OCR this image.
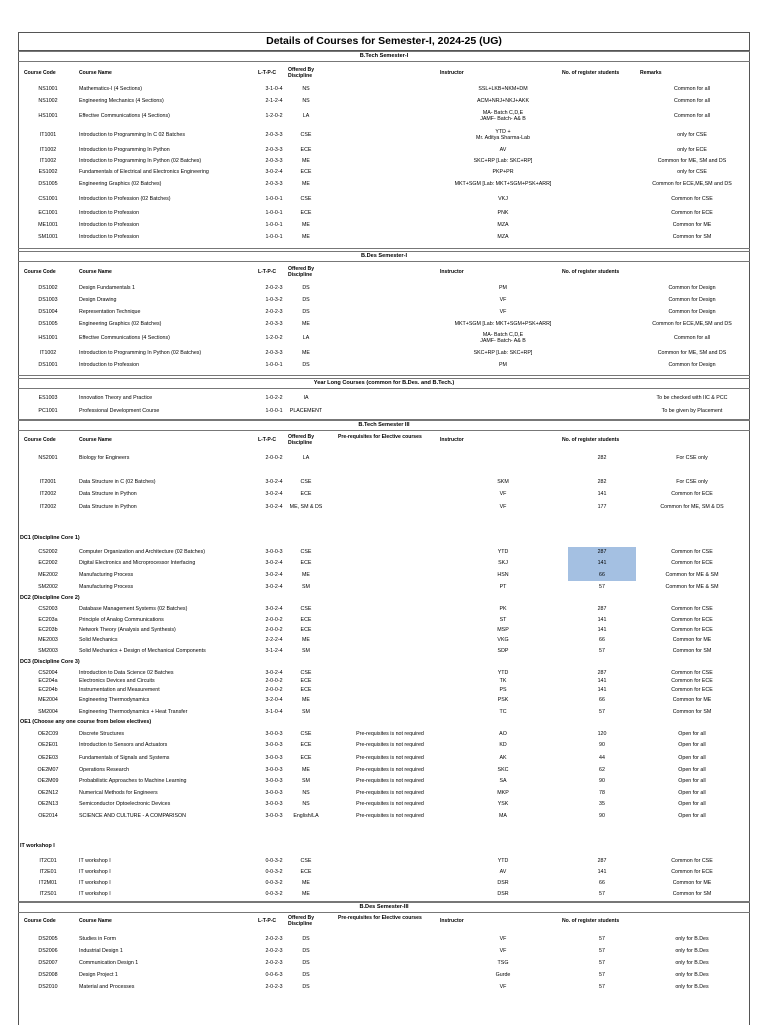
Details of Courses for Semester-I, 2024-25 (UG)
B.Tech Semester-I
Course Code	Course Name	L-T-P-C	Offered By
Discipline	Instructor	No. of register students	Remarks
NS1001	Mathematics-I (4 Sections)	3-1-0-4	NS	SSL+LKB+NKM+DM	Common for all
NS1002	Engineering Mechanics (4 Sections)	2-1-2-4	NS	ACM+NRJ+NKJ+AKK	Common for all
HS1001	Effective Communications (4 Sections)	1-2-0-2	LA	MA- Batch C,D,E
JAMF- Batch- A& B	Common for all
IT1001	Introduction to Programming In C 02 Batches	2-0-3-3	CSE	YTD +
Mr. Aditya Sharma-Lab	only for CSE
IT1002	Introduction to Programming In Python	2-0-3-3	ECE	AV	only for ECE
IT1002	Introduction to Programming In Python (02 Batches)	2-0-3-3	ME	SKC+RP [Lab: SKC+RP]	Common for ME, SM and DS
ES1002	Fundamentals of Electrical and Electronics Engineering	3-0-2-4	ECE	PKP+PR	only for CSE
DS1005	Engineering Graphics (02 Batches)	2-0-3-3	ME	MKT+SGM [Lab: MKT+SGM+PSK+ARR]	Common for ECE,ME,SM and DS
CS1001	Introduction to Profession (02 Batches)	1-0-0-1	CSE	VKJ	Common for CSE
EC1001	Introduction to Profession	1-0-0-1	ECE	PNK	Common for ECE
ME1001	Introduction to Profession	1-0-0-1	ME	MZA	Common for ME
SM1001	Introduction to Profession	1-0-0-1	ME	MZA	Common for SM
B.Des Semester-I
Course Code	Course Name	L-T-P-C	Offered By
Discipline	Instructor	No. of register students
DS1002	Design Fundamentals 1	2-0-2-3	DS	PM	Common for Design
DS1003	Design Drawing	1-0-3-2	DS	VF	Common for Design
DS1004	Representation Technique	2-0-2-3	DS	VF	Common for Design
DS1005	Engineering Graphics (02 Batches)	2-0-3-3	ME	MKT+SGM [Lab: MKT+SGM+PSK+ARR]	Common for ECE,ME,SM and DS
HS1001	Effective Communications (4 Sections)	1-2-0-2	LA	MA- Batch C,D,E
JAMF- Batch- A& B	Common for all
IT1002	Introduction to Programming In Python (02 Batches)	2-0-3-3	ME	SKC+RP [Lab: SKC+RP]	Common for ME, SM and DS
DS1001	Introduction to Profession	1-0-0-1	DS	PM	Common for Design
Year Long Courses (common for B.Des. and B.Tech.)
ES1003	Innovation Theory and Practice	1-0-2-2	IA	To be checked with IIC & PCC
PC1001	Professional Development Course	1-0-0-1	PLACEMENT	To be given by Placement
B.Tech Semester III
Course Code	Course Name	L-T-P-C	Offered By
Discipline
Pre-requisites for Elective courses	Instructor	No. of register students
NS2001	Biology for Engineers	2-0-0-2	LA	282	For CSE only
IT2001	Data Structure in C (02 Batches)	3-0-2-4	CSE	SKM	282	For CSE only
IT2002	Data Structure in Python	3-0-2-4	ECE	VF	141	Common for ECE
IT2002	Data Structure in Python	3-0-2-4	ME, SM & DS	VF	177	Common for ME, SM & DS
DC1 (Discipline Core 1)
CS2002	Computer Organization and Architecture (02 Batches)	3-0-0-3	CSE	YTD	287	Common for CSE
EC2002	Digital Electronics and Microprocessor Interfacing	3-0-2-4	ECE	SKJ	141	Common for ECE
ME2002	Manufacturing Process	3-0-2-4	ME	HSN	66	Common for ME & SM
SM2002	Manufacturing Process	3-0-2-4	SM	PT	57	Common for ME & SM
DC2 (Discipline Core 2)
CS2003	Database Management Systems (02 Batches)	3-0-2-4	CSE	PK	287	Common for CSE
EC203a	Principle of Analog Communications	2-0-0-2	ECE	ST	141	Common for ECE
EC203b	Network Theory (Analysis and Synthesis)	2-0-0-2	ECE	MSP	141	Common for ECE
ME2003	Solid Mechanics	2-2-2-4	ME	VKG	66	Common for ME
SM2003	Solid Mechanics + Design of Mechanical Components	3-1-2-4	SM	SDP	57	Common for SM
DC3 (Discipline Core 3)
CS2004	Introduction to Data Science 02 Batches	3-0-2-4	CSE	YTD	287	Common for CSE
EC204a	Electronics Devices and Circuits	2-0-0-2	ECE	TK	141	Common for ECE
EC204b	Instrumentation and Measurement	2-0-0-2	ECE	PS	141	Common for ECE
ME2004	Engineering Thermodynamics	3-2-0-4	ME	PSK	66	Common for ME
SM2004	Engineering Thermodynamics + Heat Transfer	3-1-0-4	SM	TC	57	Common for SM
OE1 (Choose any one course from below electives)
OE2C09	Discrete Structures	3-0-0-3	CSE	Pre-requisites is not required	AO	120	Open for all
OE2E01	Introduction to Sensors and Actuators	3-0-0-3	ECE	Pre-requisites is not required	KD	90	Open for all
OE2E03	Fundamentals of Signals and Systems	3-0-0-3	ECE	Pre-requisites is not required	AK	44	Open for all
OE2M07	Operations Research	3-0-0-3	ME	Pre-requisites is not required	SKC	62	Open for all
OE2M09	Probabilistic Approaches to Machine Learning	3-0-0-3	SM	Pre-requisites is not required	SA	90	Open for all
OE2N12	Numerical Methods for Engineers	3-0-0-3	NS	Pre-requisites is not required	MKP	78	Open for all
OE2N13	Semiconductor Optoelectronic Devices	3-0-0-3	NS	Pre-requisites is not required	YSK	35	Open for all
OE2014	SCIENCE AND CULTURE - A COMPARISON	3-0-0-3	English/LA	Pre-requisites is not required	MA	90	Open for all
IT workshop I
IT2C01	IT workshop I	0-0-3-2	CSE	YTD	287	Common for CSE
IT2E01	IT workshop I	0-0-3-2	ECE	AV	141	Common for ECE
IT2M01	IT workshop I	0-0-3-2	ME	DSR	66	Common for ME
IT2S01	IT workshop I	0-0-3-2	ME	DSR	57	Common for SM
B.Des Semester-III
Course Code	Course Name	L-T-P-C	Offered By
Discipline
Pre-requisites for Elective courses	Instructor	No. of register students
DS2005	Studies in Form	2-0-2-3	DS	VF	57	only for B.Des
DS2006	Industrial Design 1	2-0-2-3	DS	VF	57	only for B.Des
DS2007	Communication Design 1	2-0-2-3	DS	TSG	57	only for B.Des
DS2008	Design Project 1	0-0-6-3	DS	Gurde	57	only for B.Des
DS2010	Material and Processes	2-0-2-3	DS	VF	57	only for B.Des
